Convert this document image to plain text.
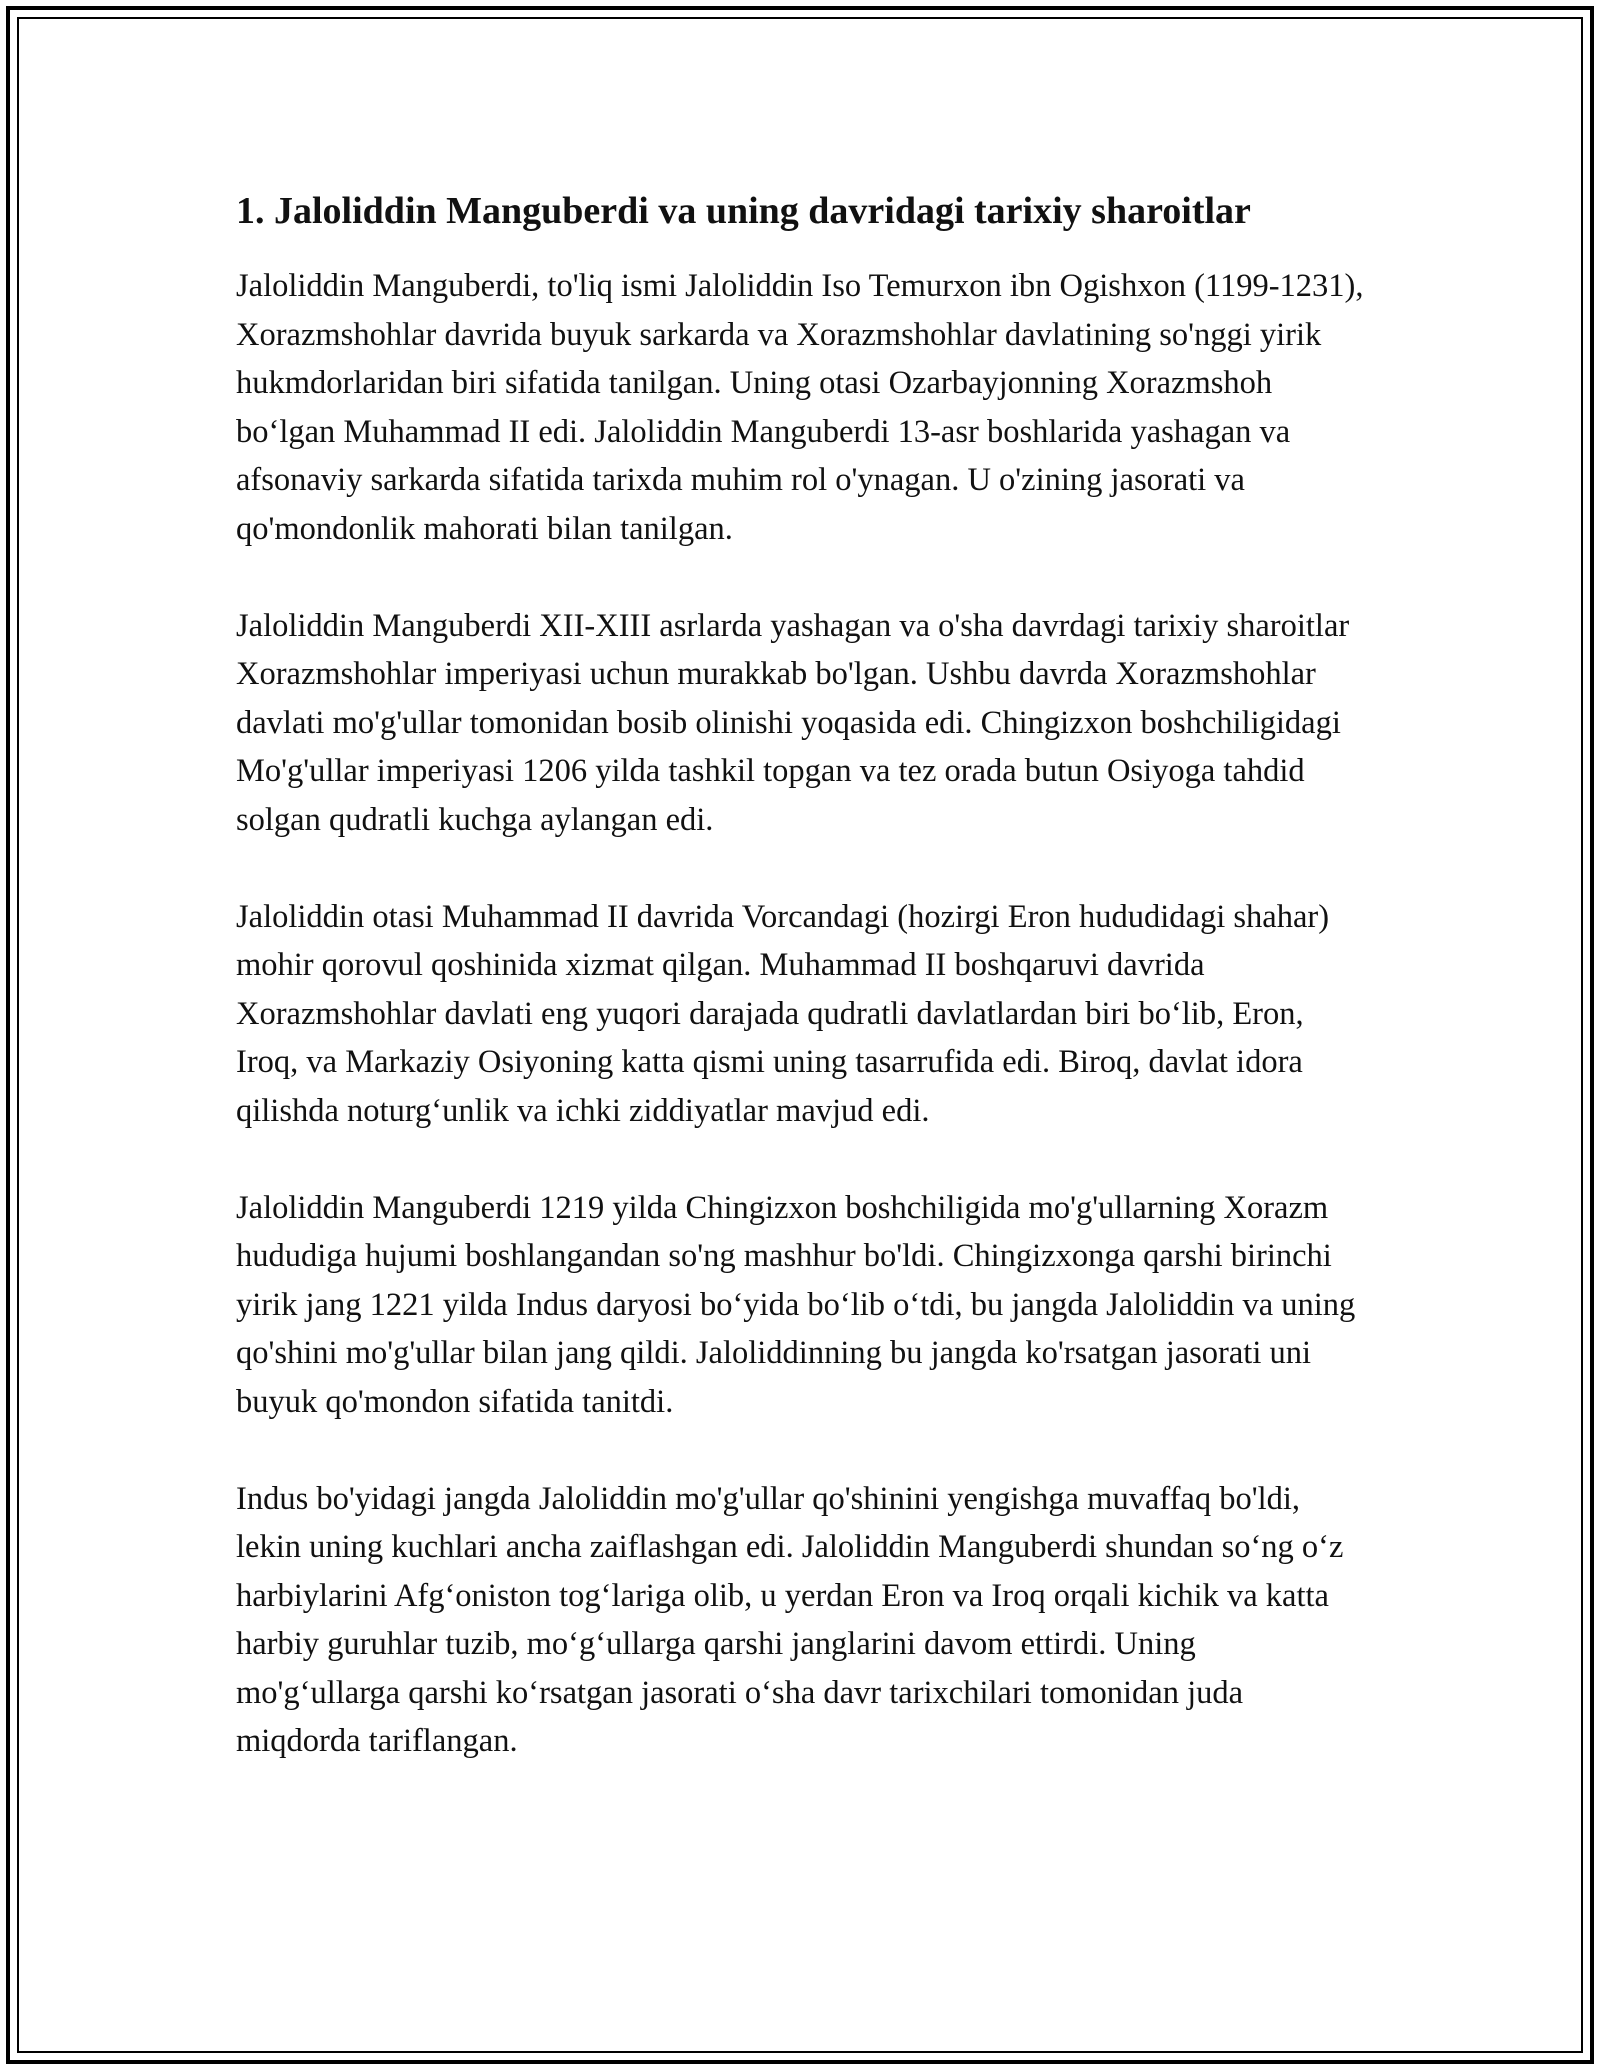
1. Jaloliddin Manguberdi va uning davridagi tarixiy sharoitlar

Jaloliddin Manguberdi, to'liq ismi Jaloliddin Iso Temurxon ibn Ogishxon (1199-1231), Xorazmshohlar davrida buyuk sarkarda va Xorazmshohlar davlatining so'nggi yirik hukmdorlaridan biri sifatida tanilgan. Uning otasi Ozarbayjonning Xorazmshoh bo‘lgan Muhammad II edi. Jaloliddin Manguberdi 13-asr boshlarida yashagan va afsonaviy sarkarda sifatida tarixda muhim rol o'ynagan. U o'zining jasorati va qo'mondonlik mahorati bilan tanilgan.

Jaloliddin Manguberdi XII-XIII asrlarda yashagan va o'sha davrdagi tarixiy sharoitlar Xorazmshohlar imperiyasi uchun murakkab bo'lgan. Ushbu davrda Xorazmshohlar davlati mo'g'ullar tomonidan bosib olinishi yoqasida edi. Chingizxon boshchiligidagi Mo'g'ullar imperiyasi 1206 yilda tashkil topgan va tez orada butun Osiyoga tahdid solgan qudratli kuchga aylangan edi.

Jaloliddin otasi Muhammad II davrida Vorcandagi (hozirgi Eron hududidagi shahar) mohir qorovul qoshinida xizmat qilgan. Muhammad II boshqaruvi davrida Xorazmshohlar davlati eng yuqori darajada qudratli davlatlardan biri bo‘lib, Eron, Iroq, va Markaziy Osiyoning katta qismi uning tasarrufida edi. Biroq, davlat idora qilishda noturg‘unlik va ichki ziddiyatlar mavjud edi.

Jaloliddin Manguberdi 1219 yilda Chingizxon boshchiligida mo'g'ullarning Xorazm hududiga hujumi boshlangandan so'ng mashhur bo'ldi. Chingizxonga qarshi birinchi yirik jang 1221 yilda Indus daryosi bo‘yida bo‘lib o‘tdi, bu jangda Jaloliddin va uning qo'shini mo'g'ullar bilan jang qildi. Jaloliddinning bu jangda ko'rsatgan jasorati uni buyuk qo'mondon sifatida tanitdi.

Indus bo'yidagi jangda Jaloliddin mo'g'ullar qo'shinini yengishga muvaffaq bo'ldi, lekin uning kuchlari ancha zaiflashgan edi. Jaloliddin Manguberdi shundan so‘ng o‘z harbiylarini Afg‘oniston tog‘lariga olib, u yerdan Eron va Iroq orqali kichik va katta harbiy guruhlar tuzib, mo‘g‘ullarga qarshi janglarini davom ettirdi. Uning mo'g‘ullarga qarshi ko‘rsatgan jasorati o‘sha davr tarixchilari tomonidan juda miqdorda tariflangan.
